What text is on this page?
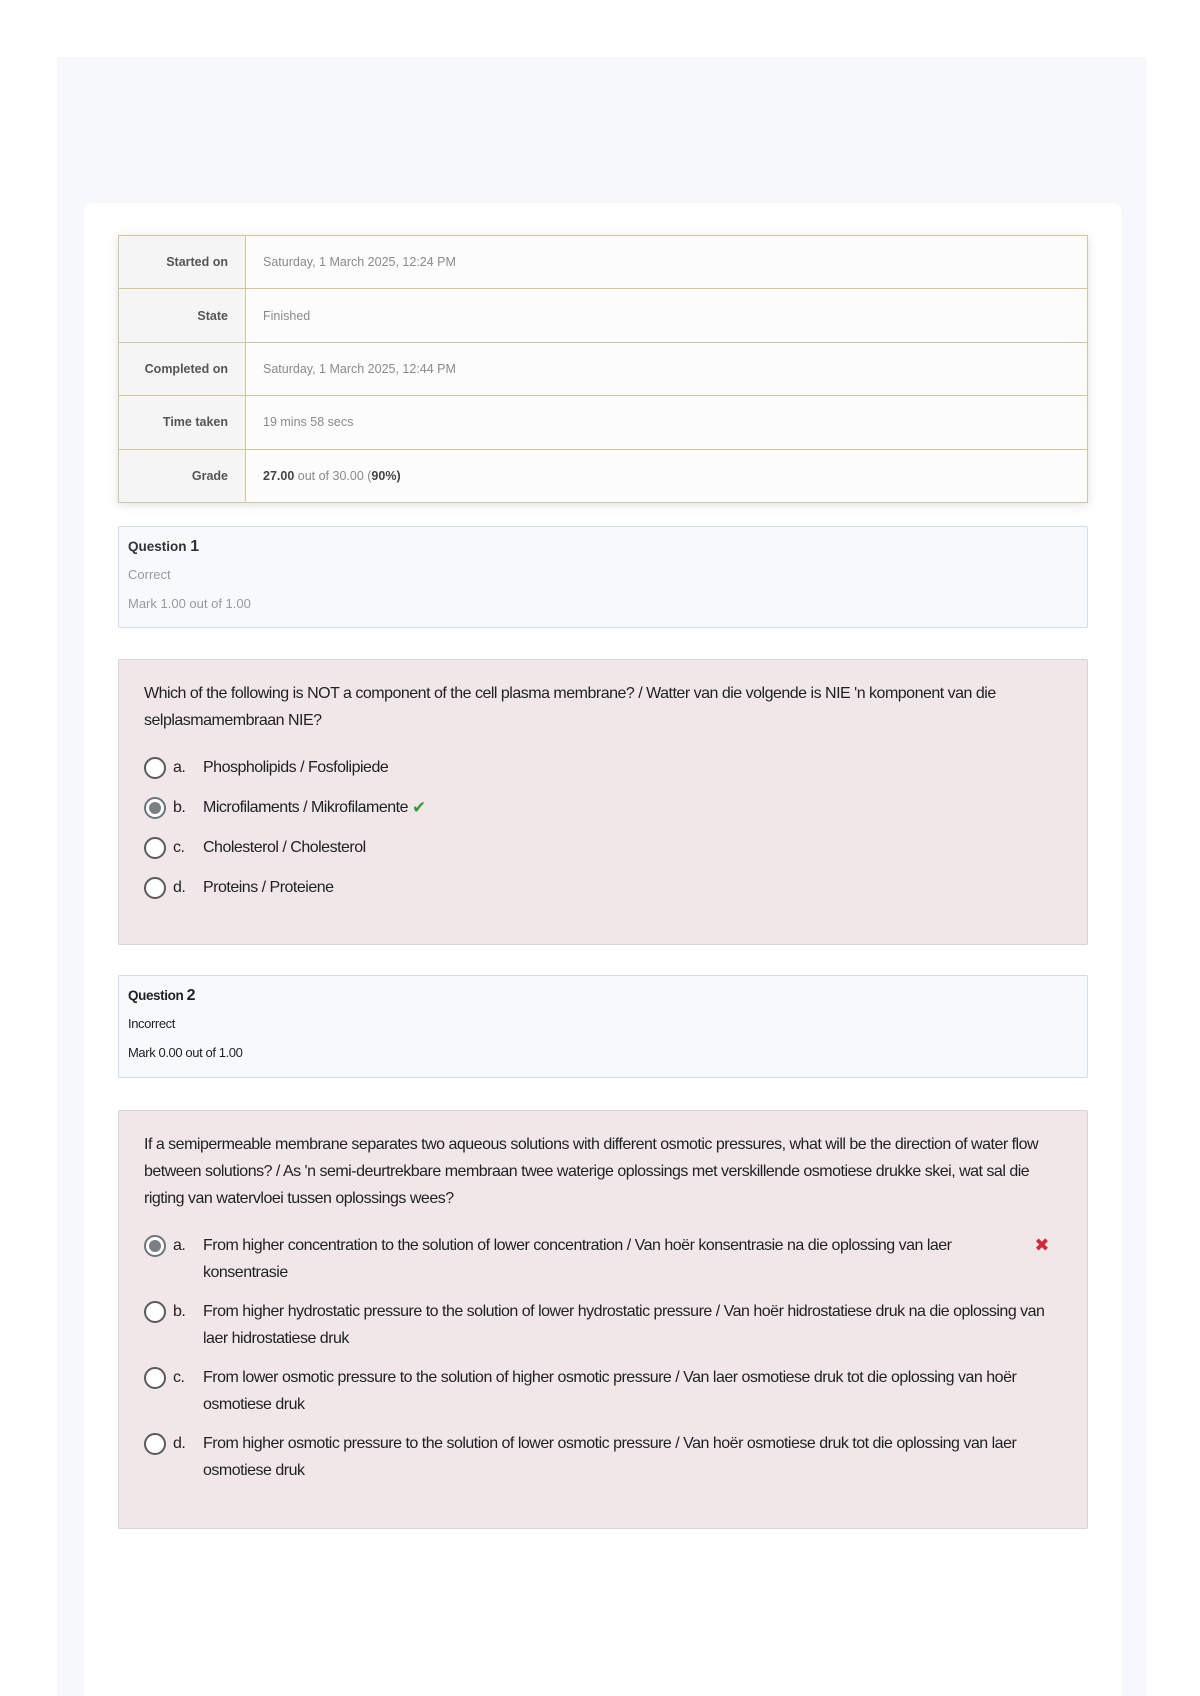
Started on	Saturday, 1 March 2025, 12:24 PM
State	Finished
Completed on	Saturday, 1 March 2025, 12:44 PM
Time taken	19 mins 58 secs
Grade	27.00 out of 30.00 (90%)
Question 1
Correct
Mark 1.00 out of 1.00
Which of the following is NOT a component of the cell plasma membrane? / Watter van die volgende is NIE 'n komponent van die selplasmamembraan NIE?
a.	Phospholipids / Fosfolipiede
b.	Microfilaments / Mikrofilamente ✔
c.	Cholesterol / Cholesterol
d.	Proteins / Proteiene
Question 2
Incorrect
Mark 0.00 out of 1.00
If a semipermeable membrane separates two aqueous solutions with different osmotic pressures, what will be the direction of water flow between solutions? / As 'n semi-deurtrekbare membraan twee waterige oplossings met verskillende osmotiese drukke skei, wat sal die rigting van watervloei tussen oplossings wees?
a.	From higher concentration to the solution of lower concentration / Van hoër konsentrasie na die oplossing van laer konsentrasie
✖
b.	From higher hydrostatic pressure to the solution of lower hydrostatic pressure / Van hoër hidrostatiese druk na die oplossing van laer hidrostatiese druk
c.	From lower osmotic pressure to the solution of higher osmotic pressure / Van laer osmotiese druk tot die oplossing van hoër osmotiese druk
d.	From higher osmotic pressure to the solution of lower osmotic pressure / Van hoër osmotiese druk tot die oplossing van laer osmotiese druk
